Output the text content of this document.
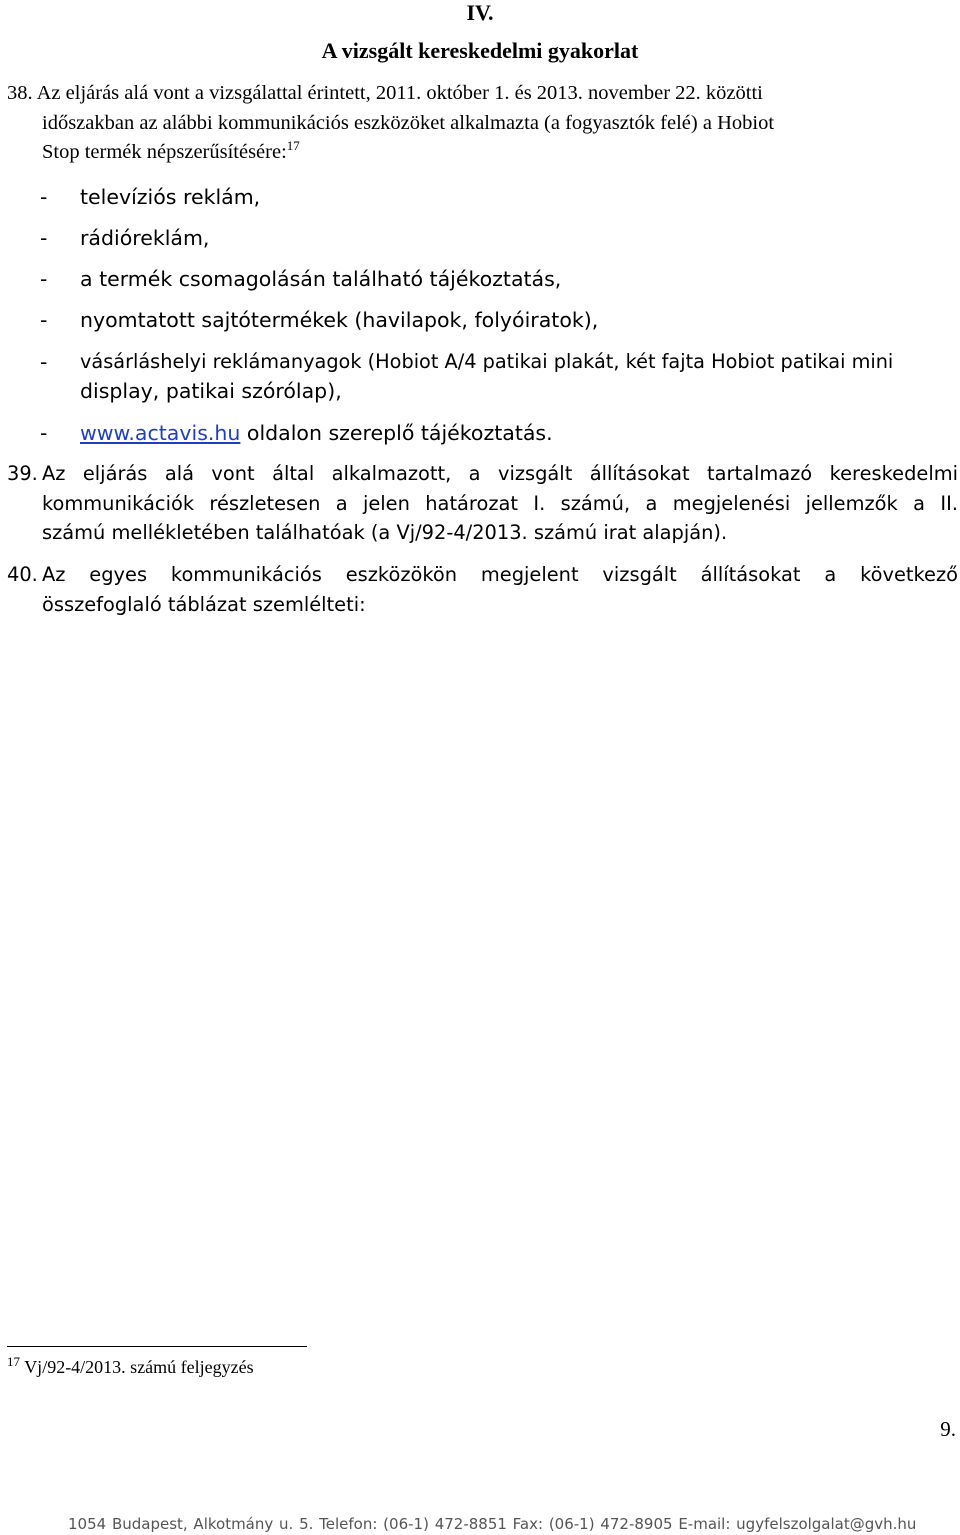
IV.
A vizsgált kereskedelmi gyakorlat
38. Az eljárás alá vont a vizsgálattal érintett, 2011. október 1. és 2013. november 22. közötti
időszakban az alábbi kommunikációs eszközöket alkalmazta (a fogyasztók felé) a Hobiot
Stop termék népszerűsítésére:$^{17}$
- televíziós reklám,
- rádióreklám,
- a termék csomagolásán található tájékoztatás,
- nyomtatott sajtótermékek (havilapok, folyóiratok),
- vásárláshelyi reklámanyagok (Hobiot A/4 patikai plakát, két fajta Hobiot patikai mini
display, patikai szórólap),
- www.actavis.hu oldalon szereplő tájékoztatás.
39. Az eljárás alá vont által alkalmazott, a vizsgált állításokat tartalmazó kereskedelmi
kommunikációk részletesen a jelen határozat I. számú, a megjelenési jellemzők a II.
számú mellékletében találhatóak (a Vj/92-4/2013. számú irat alapján).
40. Az egyes kommunikációs eszközökön megjelent vizsgált állításokat a következő
összefoglaló táblázat szemlélteti:
$^{17}$ Vj/92-4/2013. számú feljegyzés
9.
1054 Budapest, Alkotmány u. 5. Telefon: (06-1) 472-8851 Fax: (06-1) 472-8905 E-mail: ugyfelszolgalat@gvh.hu
